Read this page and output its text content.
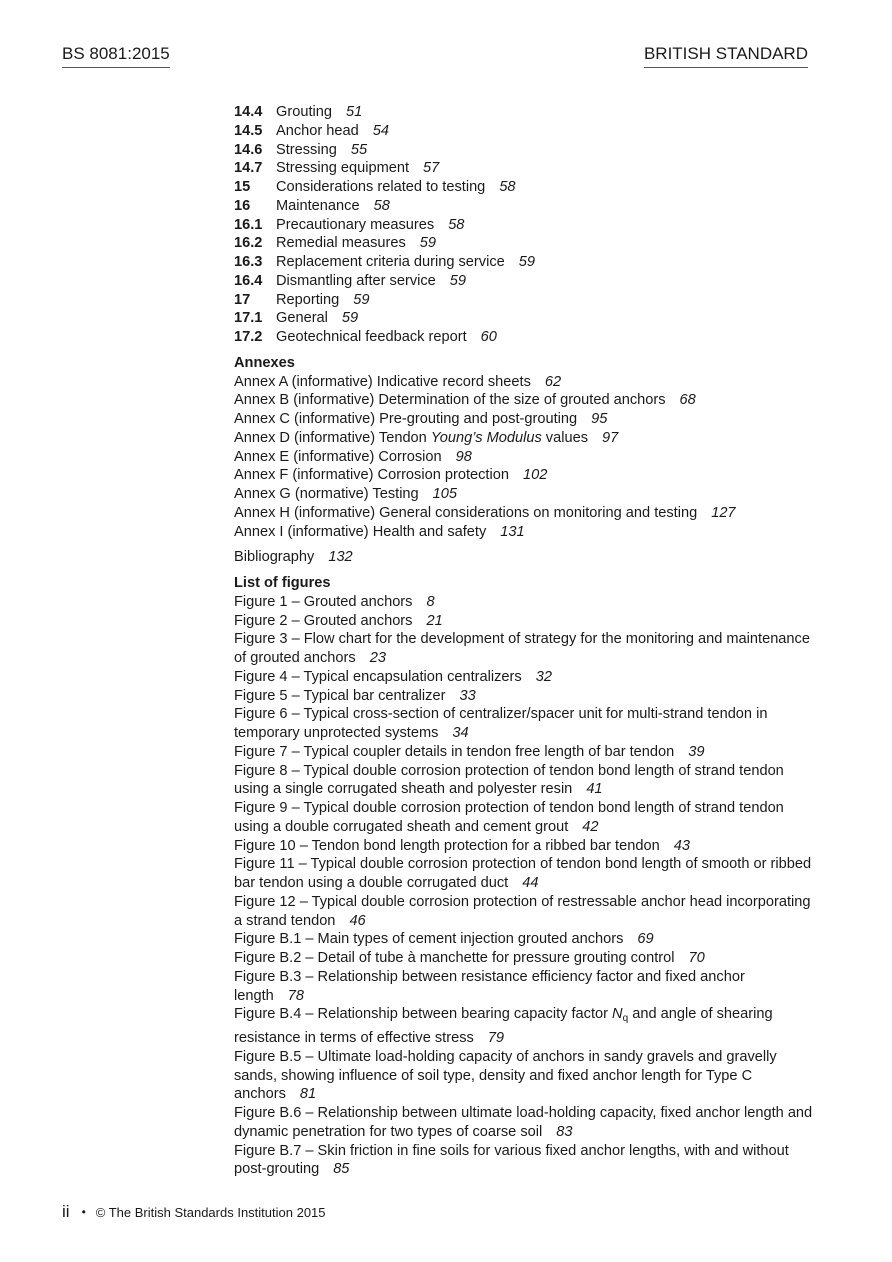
BS 8081:2015	BRITISH STANDARD
14.4 Grouting 51
14.5 Anchor head 54
14.6 Stressing 55
14.7 Stressing equipment 57
15 Considerations related to testing 58
16 Maintenance 58
16.1 Precautionary measures 58
16.2 Remedial measures 59
16.3 Replacement criteria during service 59
16.4 Dismantling after service 59
17 Reporting 59
17.1 General 59
17.2 Geotechnical feedback report 60
Annexes
Annex A (informative) Indicative record sheets 62
Annex B (informative) Determination of the size of grouted anchors 68
Annex C (informative) Pre-grouting and post-grouting 95
Annex D (informative) Tendon Young’s Modulus values 97
Annex E (informative) Corrosion 98
Annex F (informative) Corrosion protection 102
Annex G (normative) Testing 105
Annex H (informative) General considerations on monitoring and testing 127
Annex I (informative) Health and safety 131
Bibliography 132
List of figures
Figure 1 – Grouted anchors 8
Figure 2 – Grouted anchors 21
Figure 3 – Flow chart for the development of strategy for the monitoring and maintenance of grouted anchors 23
Figure 4 – Typical encapsulation centralizers 32
Figure 5 – Typical bar centralizer 33
Figure 6 – Typical cross-section of centralizer/spacer unit for multi-strand tendon in temporary unprotected systems 34
Figure 7 – Typical coupler details in tendon free length of bar tendon 39
Figure 8 – Typical double corrosion protection of tendon bond length of strand tendon using a single corrugated sheath and polyester resin 41
Figure 9 – Typical double corrosion protection of tendon bond length of strand tendon using a double corrugated sheath and cement grout 42
Figure 10 – Tendon bond length protection for a ribbed bar tendon 43
Figure 11 – Typical double corrosion protection of tendon bond length of smooth or ribbed bar tendon using a double corrugated duct 44
Figure 12 – Typical double corrosion protection of restressable anchor head incorporating a strand tendon 46
Figure B.1 – Main types of cement injection grouted anchors 69
Figure B.2 – Detail of tube à manchette for pressure grouting control 70
Figure B.3 – Relationship between resistance efficiency factor and fixed anchor length 78
Figure B.4 – Relationship between bearing capacity factor $N_q$ and angle of shearing resistance in terms of effective stress 79
Figure B.5 – Ultimate load-holding capacity of anchors in sandy gravels and gravelly sands, showing influence of soil type, density and fixed anchor length for Type C anchors 81
Figure B.6 – Relationship between ultimate load-holding capacity, fixed anchor length and dynamic penetration for two types of coarse soil 83
Figure B.7 – Skin friction in fine soils for various fixed anchor lengths, with and without post-grouting 85
ii • © The British Standards Institution 2015
